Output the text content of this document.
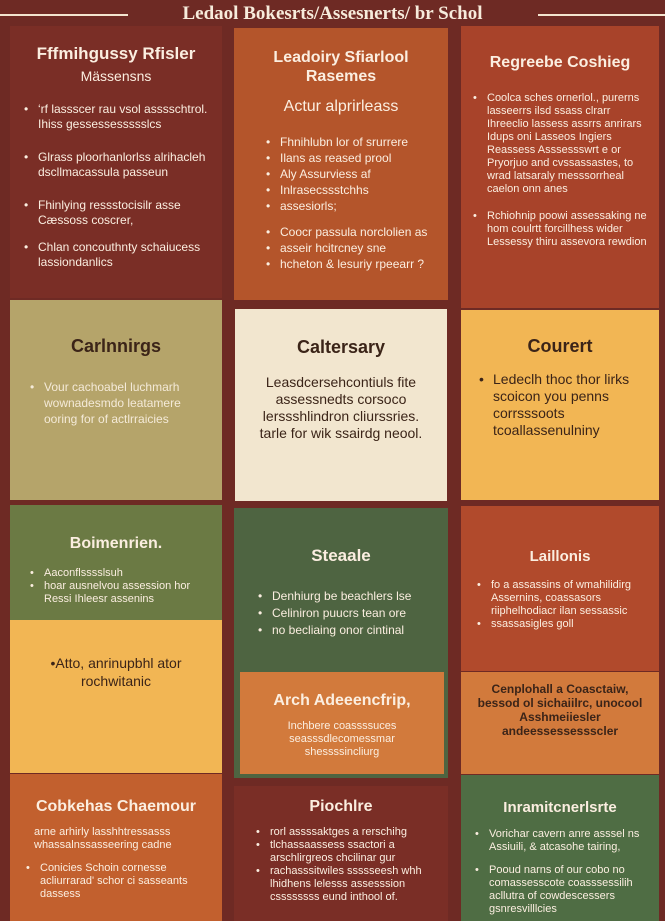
Ledaol Bokesrts/Assesnerts/ br Schol
Fffmihgussy Rfisler
Mässensns
• ‘rf lassscer rau vsol asssschtrol. Ihiss gessessessssslcs
• Glrass ploorhanlorlss alrihacleh dscllmacassula passeun
• Fhinlying ressstocisilr asse Cæssoss coscrer,
• Chlan concouthnty schaiucess lassiondanlics
Leadoiry Sfiarlool Rasemes
Actur alprirleass
• Fhnihlubn lor of srurrere
• Ilans as reased prool
• Aly Assurviess af
• Inlrasecssstchhs
• assesiorls;
• Coocr passula norclolien as
• asseir hcitrcney sne
• hcheton & lesuriy rpeearr ?
Regreebe Coshieg
• Coolca sches ornerlol., purerns lasseerrs ilsd ssass clrarr Ihreeclio lassess assrrs anrirars Idups oni Lasseos Ingiers Reassess Asssessswrt e or Pryorjuo and cvssassastes, to wrad latsaraly messsorrheal caelon onn anes
• Rchiohnip poowi assessaking ne hom coulrtt forcillhess wider Lessessy thiru assevora rewdion
Carlnnirgs
• Vour cachoabel luchmarh wownadesmdo leatamere ooring for of actlrraicies
Caltersary
Leasdcersehcontiuls fite assessnedts corsoco lerssshlindron cliurssries. tarle for wik ssairdg neool.
Courert
• Ledeclh thoc thor lirks scoicon you penns corrsssoots tcoallassenulniny
Boimenrien.
• Aaconflsssslsuh
• hoar ausnelvou assession hor Ressi Ihleesr assenins
•Atto, anrinupbhl ator rochwitanic
Steaale
• Denhiurg be beachlers lse
• Celiniron puucrs tean ore
• no becliaing onor cintinal
Arch Adeeencfrip,
Inchbere coassssuces seasssdlecomessmar shessssincliurg
Laillonis
• fo a assassins of wmahilidirg Assernins, coassasors riiphelhodiacr ilan sessassic
• ssassasigles goll
Cenplohall a Coasctaiw, bessod ol sichaiilrc, unocool Asshmeiiesler andeessessessscler
Cobkehas Chaemour
arne arhirly lasshhtressasss whassalnssasseering cadne
• Conicies Schoin cornesse acliurrarad' schor ci sasseants dassess
Piochlre
• rorl assssaktges a rerschihg
• tlchassaassess ssactori a arschlirgreos chcilinar gur
• rachasssitwiles ssssseesh whh lhidhens lelesss assesssion cssssssss eund inthool of.
Inramitcnerlsrte
• Vorichar cavern anre asssel ns Assiuili, & atcasohe tairing,
• Pooud narns of our cobo no comassesscote coasssessilih acllutra of cowdescessers gsnresvilllcies
